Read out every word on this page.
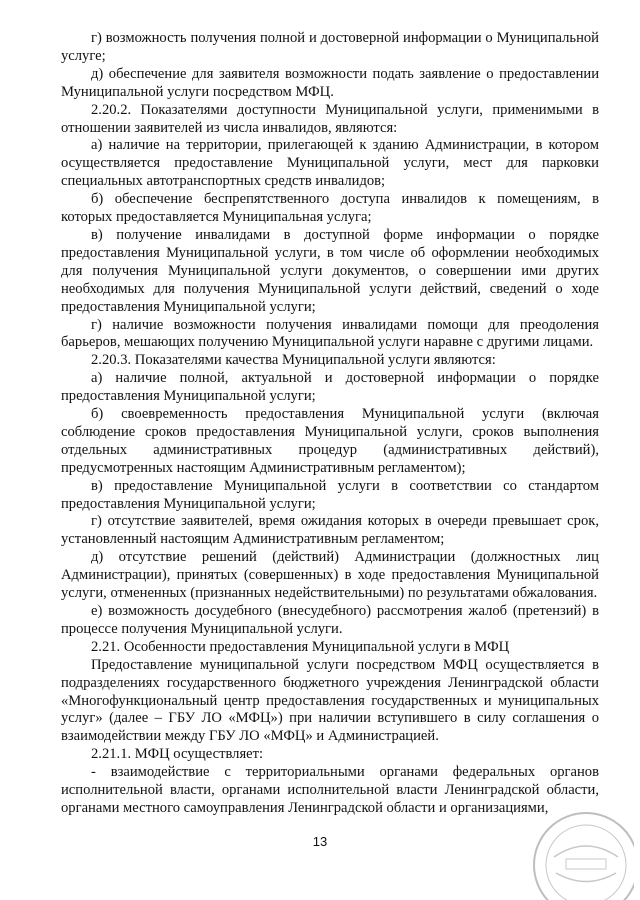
г) возможность получения полной и достоверной информации о Муниципальной услуге;

д) обеспечение для заявителя возможности подать заявление о предоставлении Муниципальной услуги посредством МФЦ.

2.20.2. Показателями доступности Муниципальной услуги, применимыми в отношении заявителей из числа инвалидов, являются:

а) наличие на территории, прилегающей к зданию Администрации, в котором осуществляется предоставление Муниципальной услуги, мест для парковки специальных автотранспортных средств инвалидов;

б) обеспечение беспрепятственного доступа инвалидов к помещениям, в которых предоставляется Муниципальная услуга;

в) получение инвалидами в доступной форме информации о порядке предоставления Муниципальной услуги, в том числе об оформлении необходимых для получения Муниципальной услуги документов, о совершении ими других необходимых для получения Муниципальной услуги действий, сведений о ходе предоставления Муниципальной услуги;

г) наличие возможности получения инвалидами помощи для преодоления барьеров, мешающих получению Муниципальной услуги наравне с другими лицами.

2.20.3. Показателями качества Муниципальной услуги являются:

а) наличие полной, актуальной и достоверной информации о порядке предоставления Муниципальной услуги;

б) своевременность предоставления Муниципальной услуги (включая соблюдение сроков предоставления Муниципальной услуги, сроков выполнения отдельных административных процедур (административных действий), предусмотренных настоящим Административным регламентом);

в) предоставление Муниципальной услуги в соответствии со стандартом предоставления Муниципальной услуги;

г) отсутствие заявителей, время ожидания которых в очереди превышает срок, установленный настоящим Административным регламентом;

д) отсутствие решений (действий) Администрации (должностных лиц Администрации), принятых (совершенных) в ходе предоставления Муниципальной услуги, отмененных (признанных недействительными) по результатами обжалования.

е) возможность досудебного (внесудебного) рассмотрения жалоб (претензий) в процессе получения Муниципальной услуги.

2.21. Особенности предоставления Муниципальной услуги в МФЦ

Предоставление муниципальной услуги посредством МФЦ осуществляется в подразделениях государственного бюджетного учреждения Ленинградской области «Многофункциональный центр предоставления государственных и муниципальных услуг» (далее – ГБУ ЛО «МФЦ») при наличии вступившего в силу соглашения о взаимодействии между ГБУ ЛО «МФЦ» и Администрацией.

2.21.1. МФЦ осуществляет:

- взаимодействие с территориальными органами федеральных органов исполнительной власти, органами исполнительной власти Ленинградской области, органами местного самоуправления Ленинградской области и организациями,

13
